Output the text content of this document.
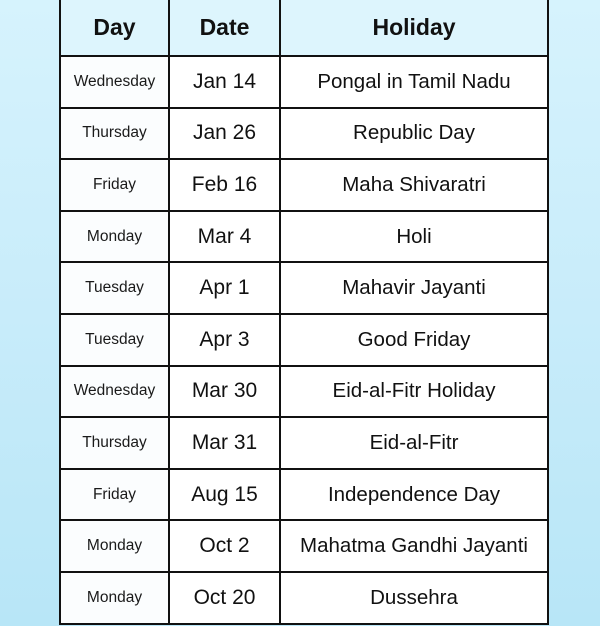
Day	Date	Holiday
Wednesday	Jan 14	Pongal in Tamil Nadu
Thursday	Jan 26	Republic Day
Friday	Feb 16	Maha Shivaratri
Monday	Mar 4	Holi
Tuesday	Apr 1	Mahavir Jayanti
Tuesday	Apr 3	Good Friday
Wednesday	Mar 30	Eid-al-Fitr Holiday
Thursday	Mar 31	Eid-al-Fitr
Friday	Aug 15	Independence Day
Monday	Oct 2	Mahatma Gandhi Jayanti
Monday	Oct 20	Dussehra
